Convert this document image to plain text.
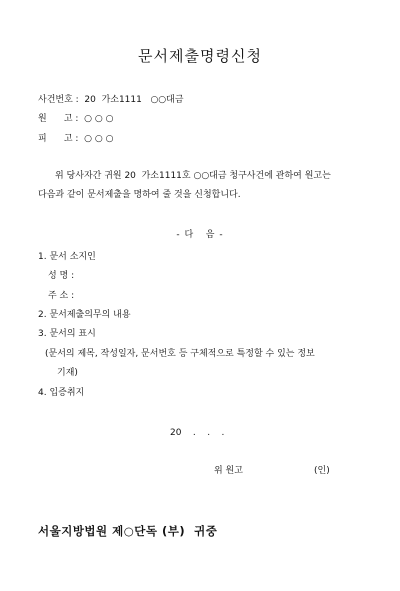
문서제출명령신청
사건번호 :  20  가소1111   ○○대금
원      고 :  ○ ○ ○
피      고 :  ○ ○ ○
위 당사자간 귀원 20  가소1111호 ○○대금 청구사건에 관하여 원고는
다음과 같이 문서제출을 명하여 줄 것을 신청합니다.
- 다   음 -
1. 문서 소지인
성 명 :
주 소 :
2. 문서제출의무의 내용
3. 문서의 표시
(문서의 제목, 작성일자, 문서번호 등 구체적으로 특정할 수 있는 정보
기재)
4. 입증취지
20    .    .    .
위 원고	(인)
서울지방법원 제○단독 (부)  귀중
